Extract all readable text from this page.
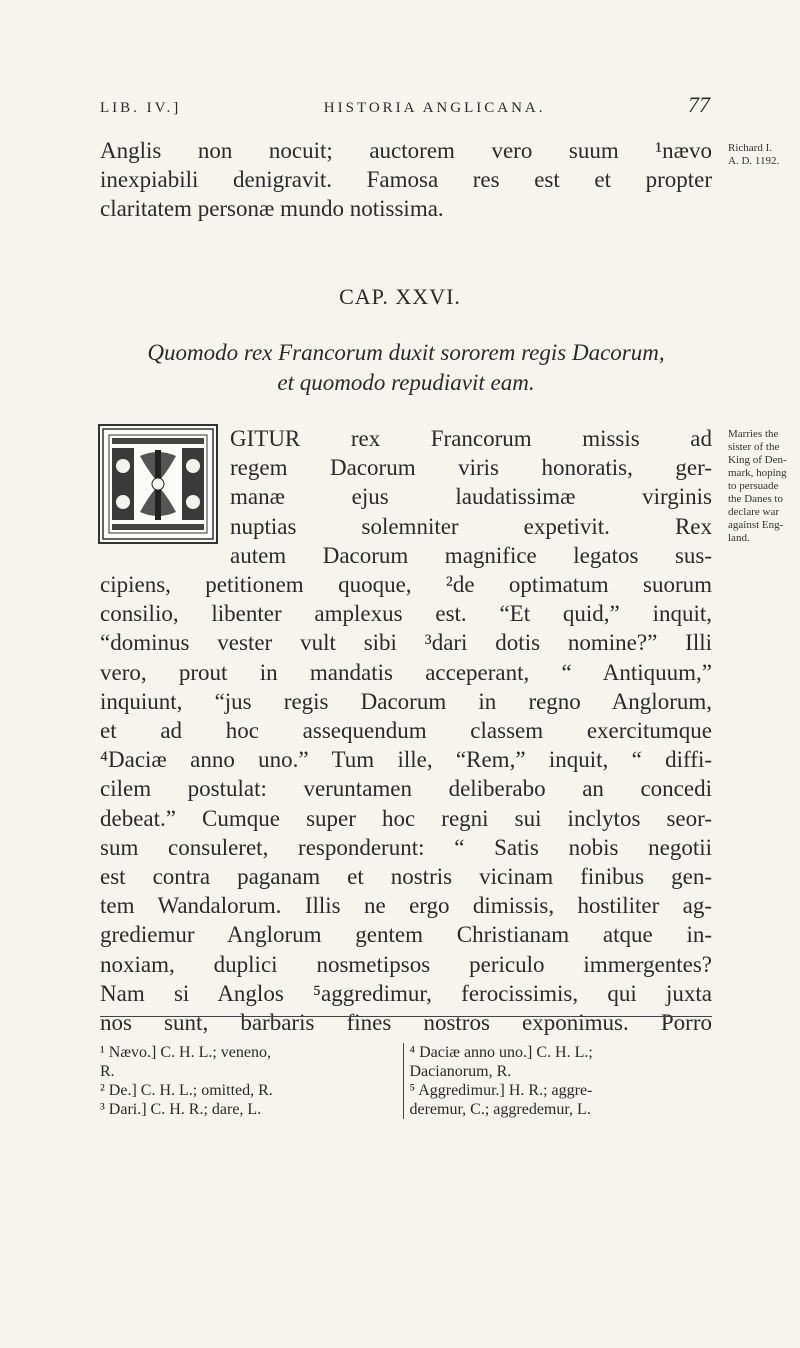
LIB. IV.]	HISTORIA ANGLICANA.	77
Anglis non nocuit; auctorem vero suum ¹nævo
inexpiabili denigravit. Famosa res est et propter
claritatem personæ mundo notissima.
Richard I.
A. D. 1192.
CAP. XXVI.
Quomodo rex Francorum duxit sororem regis Dacorum,
et quomodo repudiavit eam.
GITUR rex Francorum missis ad
regem Dacorum viris honoratis, ger-
manæ ejus laudatissimæ virginis
nuptias solemniter expetivit. Rex
autem Dacorum magnifice legatos sus-
cipiens, petitionem quoque, ²de optimatum suorum
consilio, libenter amplexus est. “Et quid,” inquit,
“dominus vester vult sibi ³dari dotis nomine?” Illi
vero, prout in mandatis acceperant, “ Antiquum,”
inquiunt, “jus regis Dacorum in regno Anglorum,
et ad hoc assequendum classem exercitumque
⁴Daciæ anno uno.” Tum ille, “Rem,” inquit, “ diffi-
cilem postulat: veruntamen deliberabo an concedi
debeat.” Cumque super hoc regni sui inclytos seor-
sum consuleret, responderunt: “ Satis nobis negotii
est contra paganam et nostris vicinam finibus gen-
tem Wandalorum. Illis ne ergo dimissis, hostiliter ag-
grediemur Anglorum gentem Christianam atque in-
noxiam, duplici nosmetipsos periculo immergentes?
Nam si Anglos ⁵aggredimur, ferocissimis, qui juxta
nos sunt, barbaris fines nostros exponimus. Porro
Marries the
sister of the
King of Den-
mark, hoping
to persuade
the Danes to
declare war
against Eng-
land.
¹ Nævo.] C. H. L.; veneno,
R.
² De.] C. H. L.; omitted, R.
³ Dari.] C. H. R.; dare, L.
⁴ Daciæ anno uno.] C. H. L.;
Dacianorum, R.
⁵ Aggredimur.] H. R.; aggre-
deremur, C.; aggredemur, L.
